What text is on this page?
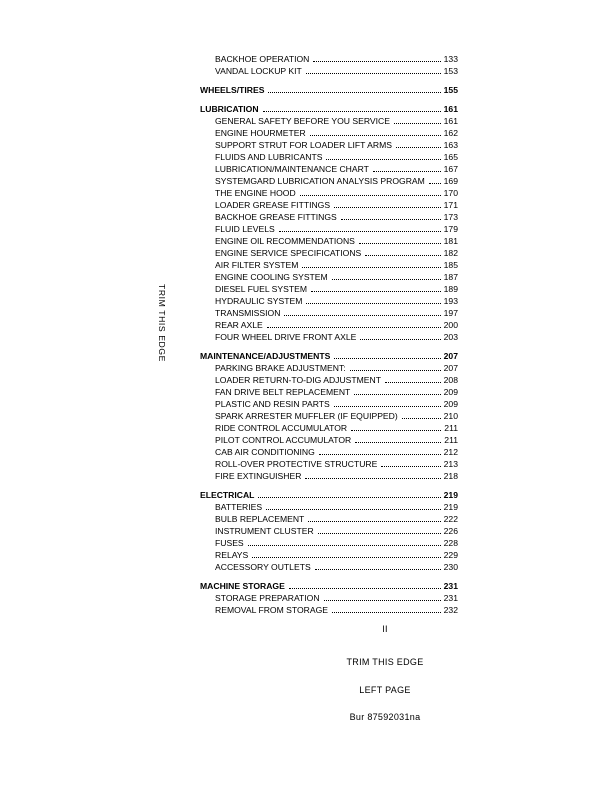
TRIM THIS EDGE
BACKHOE OPERATION	133
VANDAL LOCKUP KIT	153
WHEELS/TIRES	155
LUBRICATION	161
GENERAL SAFETY BEFORE YOU SERVICE	161
ENGINE HOURMETER	162
SUPPORT STRUT FOR LOADER LIFT ARMS	163
FLUIDS AND LUBRICANTS	165
LUBRICATION/MAINTENANCE CHART	167
SYSTEMGARD LUBRICATION ANALYSIS PROGRAM 169
THE ENGINE HOOD	170
LOADER GREASE FITTINGS	171
BACKHOE GREASE FITTINGS	173
FLUID LEVELS	179
ENGINE OIL RECOMMENDATIONS	181
ENGINE SERVICE SPECIFICATIONS	182
AIR FILTER SYSTEM	185
ENGINE COOLING SYSTEM	187
DIESEL FUEL SYSTEM	189
HYDRAULIC SYSTEM	193
TRANSMISSION	197
REAR AXLE	200
FOUR WHEEL DRIVE FRONT AXLE	203
MAINTENANCE/ADJUSTMENTS	207
PARKING BRAKE ADJUSTMENT:	207
LOADER RETURN-TO-DIG ADJUSTMENT	208
FAN DRIVE BELT REPLACEMENT	209
PLASTIC AND RESIN PARTS	209
SPARK ARRESTER MUFFLER (IF EQUIPPED)	210
RIDE CONTROL ACCUMULATOR	211
PILOT CONTROL ACCUMULATOR	211
CAB AIR CONDITIONING	212
ROLL-OVER PROTECTIVE STRUCTURE	213
FIRE EXTINGUISHER	218
ELECTRICAL	219
BATTERIES	219
BULB REPLACEMENT	222
INSTRUMENT CLUSTER	226
FUSES	228
RELAYS	229
ACCESSORY OUTLETS	230
MACHINE STORAGE	231
STORAGE PREPARATION	231
REMOVAL FROM STORAGE	232
II
TRIM THIS EDGE
LEFT PAGE
Bur 87592031na
